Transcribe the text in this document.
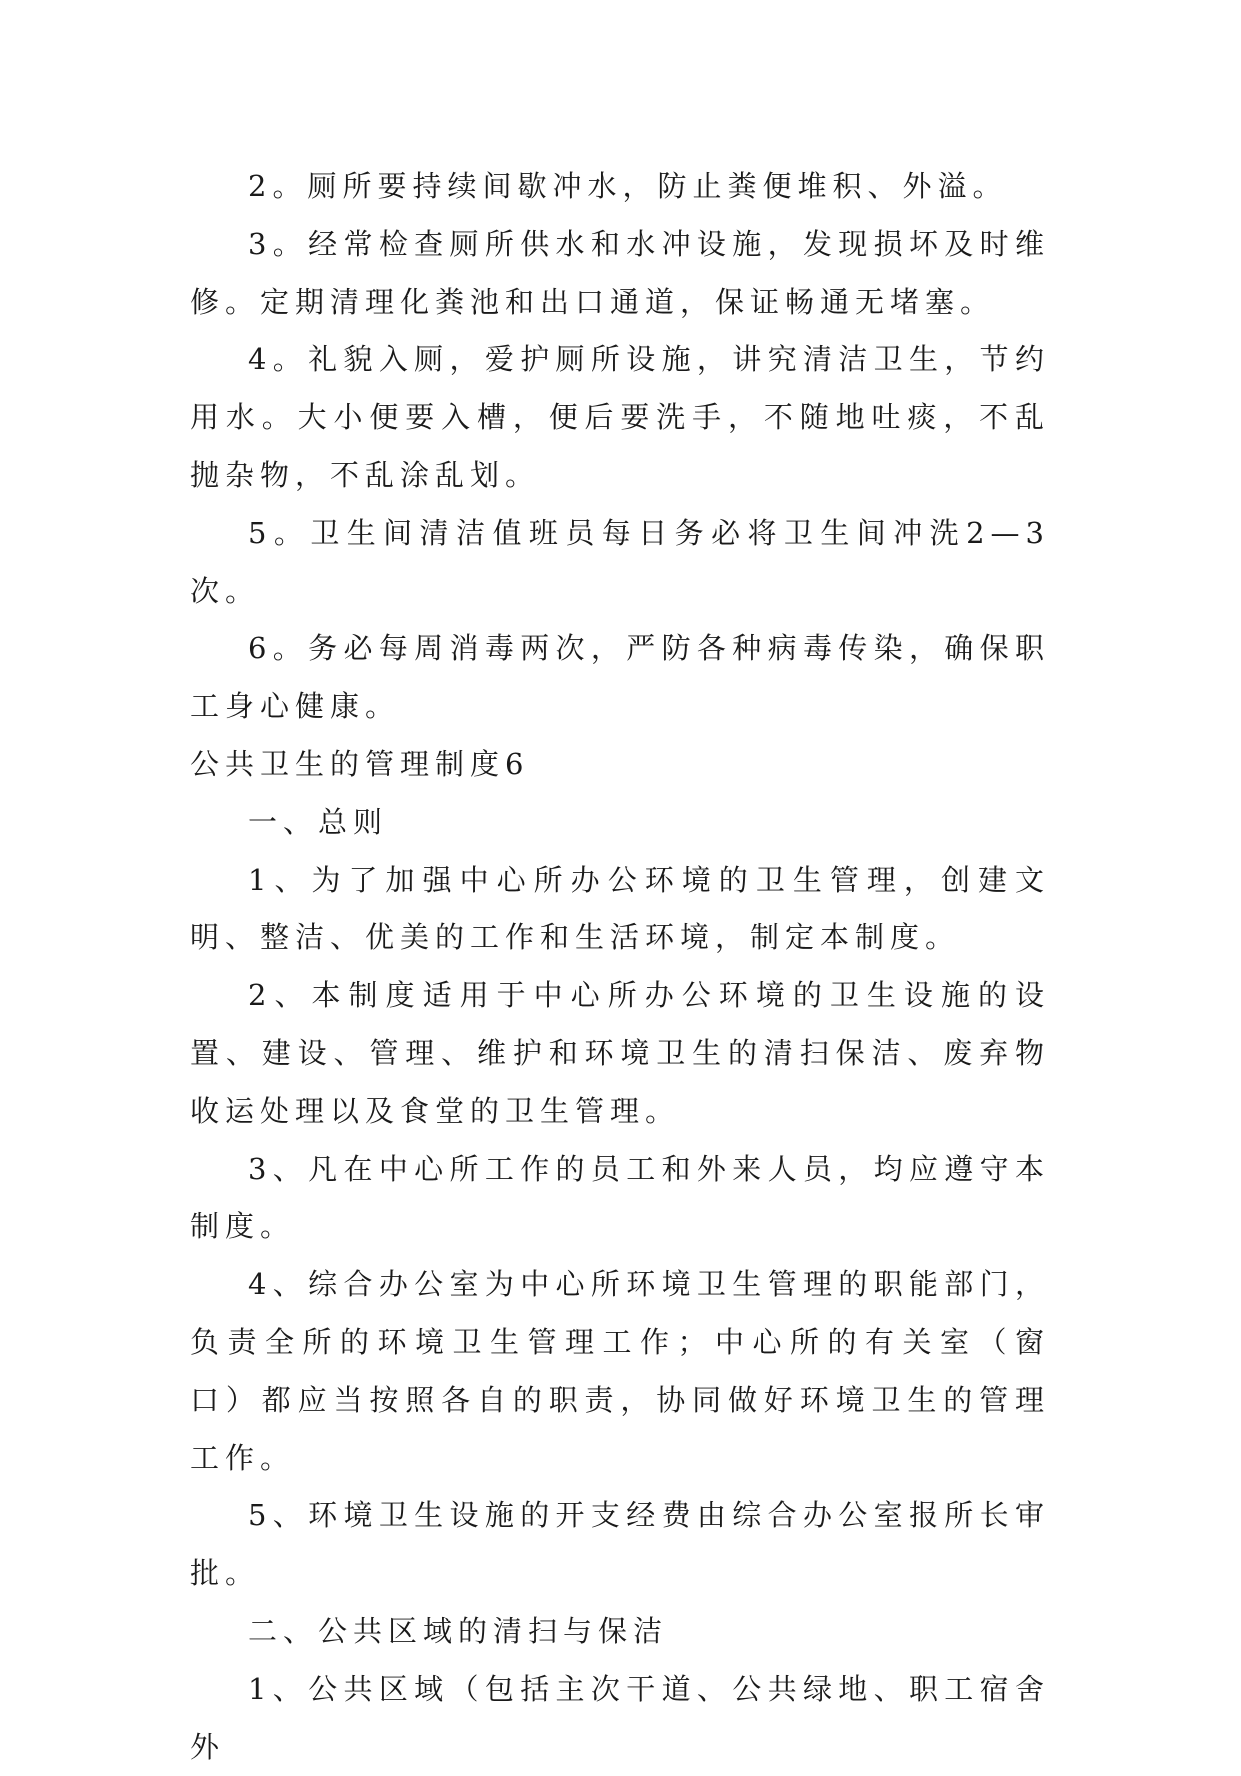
2。厕所要持续间歇冲水，防止粪便堆积、外溢。

3。经常检查厕所供水和水冲设施，发现损坏及时维修。定期清理化粪池和出口通道，保证畅通无堵塞。

4。礼貌入厕，爱护厕所设施，讲究清洁卫生，节约用水。大小便要入槽，便后要洗手，不随地吐痰，不乱抛杂物，不乱涂乱划。

5。卫生间清洁值班员每日务必将卫生间冲洗2—3次。

6。务必每周消毒两次，严防各种病毒传染，确保职工身心健康。

公共卫生的管理制度6

一、总则

1、为了加强中心所办公环境的卫生管理，创建文明、整洁、优美的工作和生活环境，制定本制度。

2、本制度适用于中心所办公环境的卫生设施的设置、建设、管理、维护和环境卫生的清扫保洁、废弃物收运处理以及食堂的卫生管理。

3、凡在中心所工作的员工和外来人员，均应遵守本制度。

4、综合办公室为中心所环境卫生管理的职能部门，负责全所的环境卫生管理工作；中心所的有关室（窗口）都应当按照各自的职责，协同做好环境卫生的管理工作。

5、环境卫生设施的开支经费由综合办公室报所长审批。

二、公共区域的清扫与保洁

1、公共区域（包括主次干道、公共绿地、职工宿舍外
